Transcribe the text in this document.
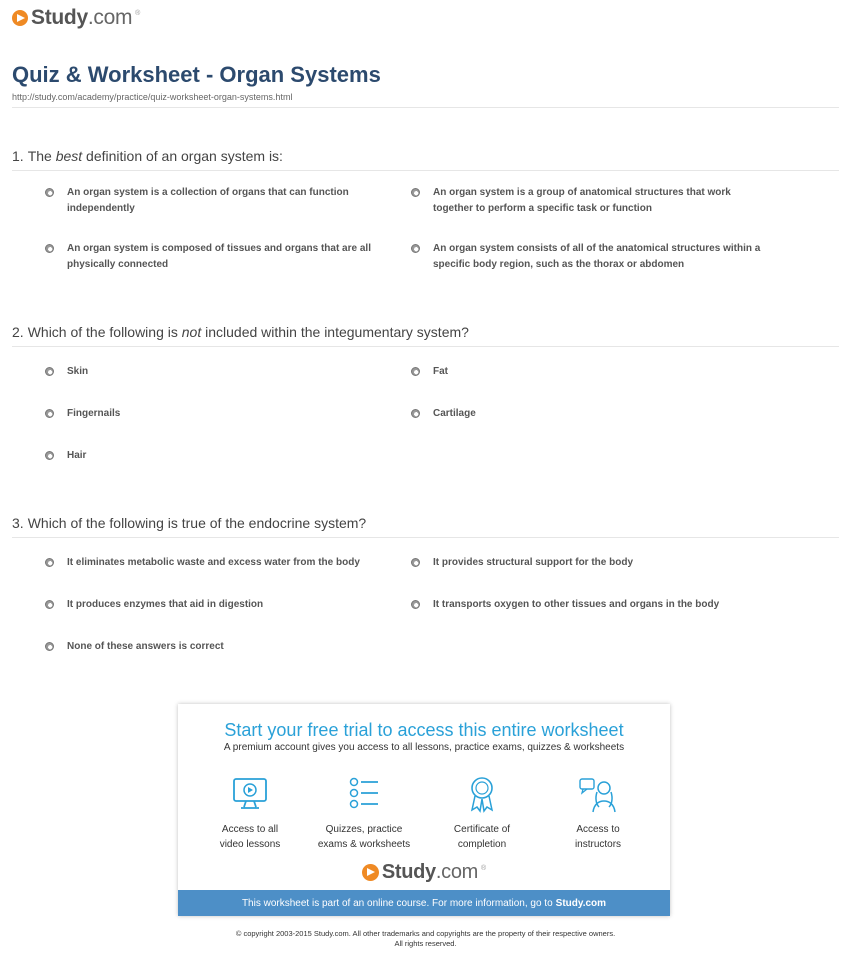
Study.com ®
Quiz & Worksheet - Organ Systems
http://study.com/academy/practice/quiz-worksheet-organ-systems.html
1. The best definition of an organ system is:
An organ system is a collection of organs that can function independently
An organ system is a group of anatomical structures that work together to perform a specific task or function
An organ system is composed of tissues and organs that are all physically connected
An organ system consists of all of the anatomical structures within a specific body region, such as the thorax or abdomen
2. Which of the following is not included within the integumentary system?
Skin	Fat
Fingernails	Cartilage
Hair
3. Which of the following is true of the endocrine system?
It eliminates metabolic waste and excess water from the body	It provides structural support for the body
It produces enzymes that aid in digestion	It transports oxygen to other tissues and organs in the body
None of these answers is correct
Start your free trial to access this entire worksheet
A premium account gives you access to all lessons, practice exams, quizzes & worksheets
Access to all
video lessons
Quizzes, practice
exams & worksheets
Certificate of
completion
Access to
instructors
Study.com ®
This worksheet is part of an online course. For more information, go to Study.com
© copyright 2003-2015 Study.com. All other trademarks and copyrights are the property of their respective owners.
All rights reserved.
